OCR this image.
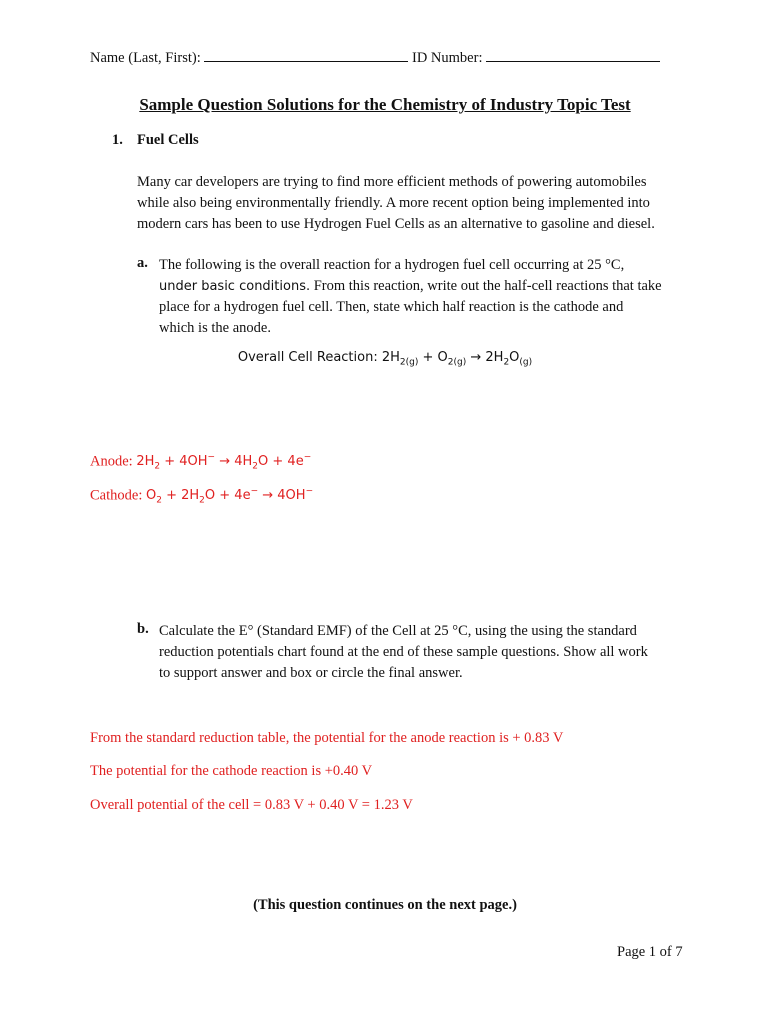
Name (Last, First):	ID Number:
Sample Question Solutions for the Chemistry of Industry Topic Test
1. Fuel Cells
Many car developers are trying to find more efficient methods of powering automobiles
while also being environmentally friendly. A more recent option being implemented into
modern cars has been to use Hydrogen Fuel Cells as an alternative to gasoline and diesel.
a. The following is the overall reaction for a hydrogen fuel cell occurring at 25 °C,
under basic conditions. From this reaction, write out the half-cell reactions that take
place for a hydrogen fuel cell. Then, state which half reaction is the cathode and
which is the anode.
Overall Cell Reaction: $2H_{2(g)} + O_{2(g)} \to 2H_2O_{(g)}$
Anode: $2H_2 + 4OH^- \to 4H_2O + 4e^-$
Cathode: $O_2 + 2H_2O + 4e^- \to 4OH^-$
b. Calculate the E° (Standard EMF) of the Cell at 25 °C, using the using the standard
reduction potentials chart found at the end of these sample questions. Show all work
to support answer and box or circle the final answer.
From the standard reduction table, the potential for the anode reaction is + 0.83 V
The potential for the cathode reaction is +0.40 V
Overall potential of the cell = 0.83 V + 0.40 V = 1.23 V
(This question continues on the next page.)
Page 1 of 7
